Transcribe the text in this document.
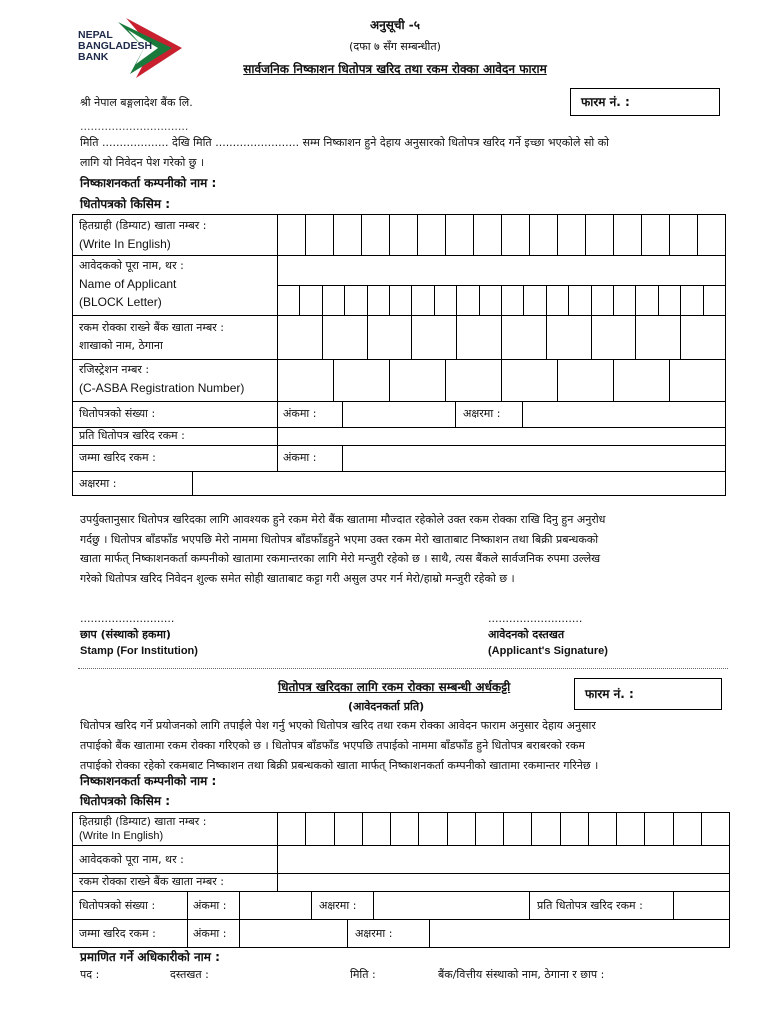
NEPAL
BANGLADESH
BANK
अनुसूची -५
(दफा ७ सँग सम्बन्धीत)
सार्वजनिक निष्काशन धितोपत्र खरिद तथा रकम रोक्का आवेदन फाराम
फारम नं. :
श्री नेपाल बङ्गलादेश बैंक लि.
...............................
मिति ................... देखि मिति ........................ सम्म निष्काशन हुने देहाय अनुसारको धितोपत्र खरिद गर्ने इच्छा भएकोले सो को
लागि यो निवेदन पेश गरेको छु ।
निष्काशनकर्ता कम्पनीको नाम :
धितोपत्रको किसिम :
हितग्राही (डिम्याट) खाता नम्बर :
(Write In English)
आवेदकको पूरा नाम, थर :
Name of Applicant
(BLOCK Letter)
रकम रोक्का राख्ने बैंक खाता नम्बर :
शाखाको नाम, ठेगाना
रजिस्ट्रेशन नम्बर :
(C-ASBA Registration Number)
धितोपत्रको संख्या :	अंकमा :	अक्षरमा :
प्रति धितोपत्र खरिद रकम :
जम्मा खरिद रकम :	अंकमा :
अक्षरमा :
उपर्युक्तानुसार धितोपत्र खरिदका लागि आवश्यक हुने रकम मेरो बैंक खातामा मौज्दात रहेकोले उक्त रकम रोक्का राखि दिनु हुन अनुरोध
गर्दछु । धितोपत्र बाँडफाँड भएपछि मेरो नाममा धितोपत्र बाँडफाँडहुने भएमा उक्त रकम मेरो खाताबाट निष्काशन तथा बिक्री प्रबन्धकको
खाता मार्फत् निष्काशनकर्ता कम्पनीको खातामा रकमान्तरका लागि मेरो मन्जुरी रहेको छ । साथै, त्यस बैंकले सार्वजनिक रुपमा उल्लेख
गरेको धितोपत्र खरिद निवेदन शुल्क समेत सोही खाताबाट कट्टा गरी असुल उपर गर्न मेरो/हाम्रो मन्जुरी रहेको छ ।
...........................
छाप (संस्थाको हकमा)
Stamp (For Institution)
...........................
आवेदनको दस्तखत
(Applicant's Signature)
धितोपत्र खरिदका लागि रकम रोक्का सम्बन्धी अर्धकट्टी
(आवेदनकर्ता प्रति)
फारम नं. :
धितोपत्र खरिद गर्ने प्रयोजनको लागि तपाईले पेश गर्नु भएको धितोपत्र खरिद तथा रकम रोक्का आवेदन फाराम अनुसार देहाय अनुसार
तपाईको बैंक खातामा रकम रोक्का गरिएको छ । धितोपत्र बाँडफाँड भएपछि तपाईको नाममा बाँडफाँड हुने धितोपत्र बराबरको रकम
तपाईको रोक्का रहेको रकमबाट निष्काशन तथा बिक्री प्रबन्धकको खाता मार्फत् निष्काशनकर्ता कम्पनीको खातामा रकमान्तर गरिनेछ ।
निष्काशनकर्ता कम्पनीको नाम :
धितोपत्रको किसिम :
हितग्राही (डिम्याट) खाता नम्बर :
(Write In English)
आवेदकको पूरा नाम, थर :
रकम रोक्का राख्ने बैंक खाता नम्बर :
धितोपत्रको संख्या :	अंकमा :	अक्षरमा :	प्रति धितोपत्र खरिद रकम :
जम्मा खरिद रकम :	अंकमा :	अक्षरमा :
प्रमाणित गर्ने अधिकारीको नाम :
पद :	दस्तखत :	मिति :	बैंक/वित्तीय संस्थाको नाम, ठेगाना र छाप :
